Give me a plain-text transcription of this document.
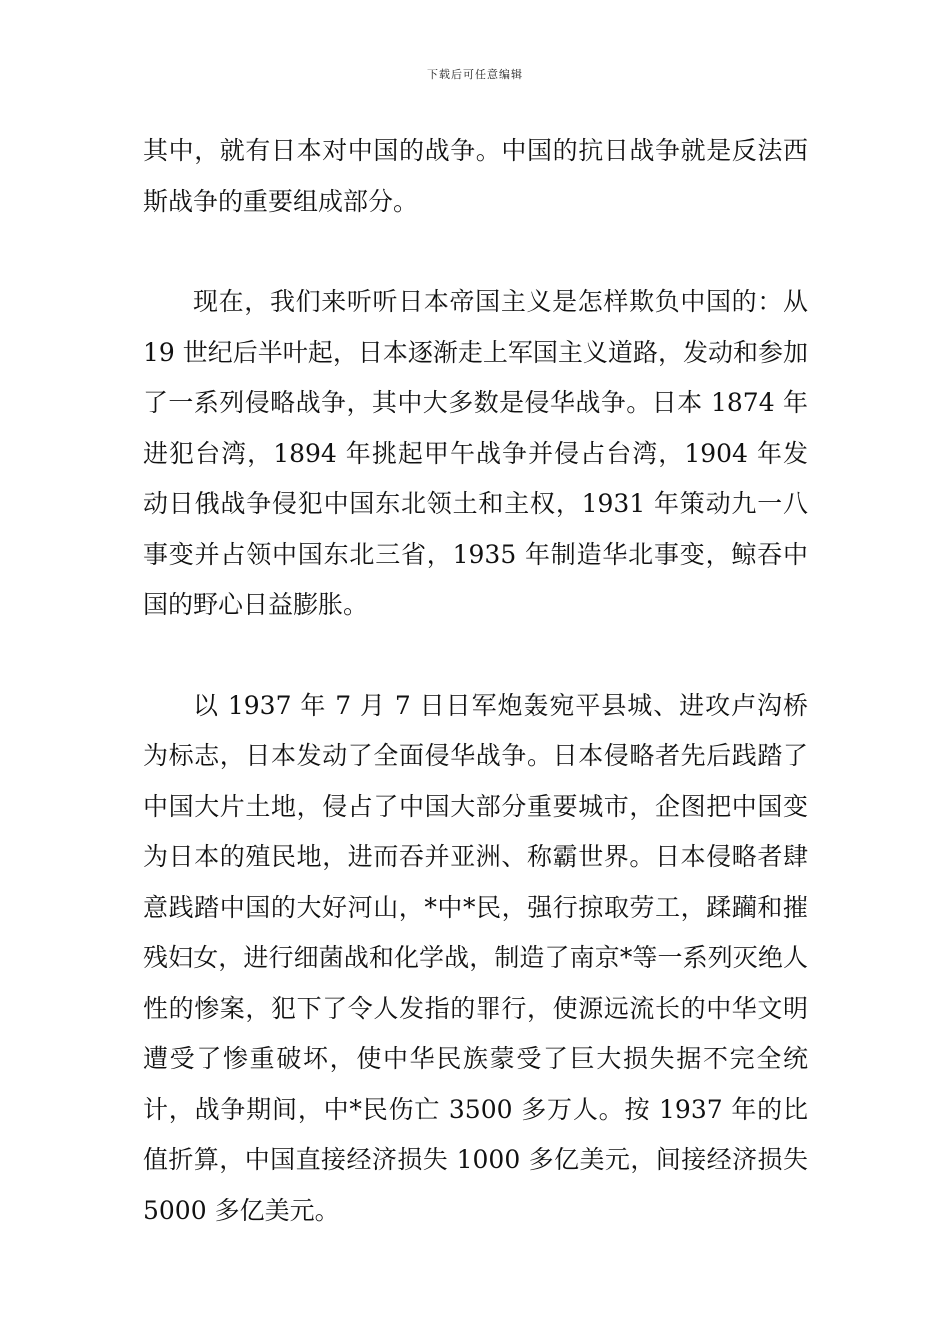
下载后可任意编辑

其中，就有日本对中国的战争。中国的抗日战争就是反法西斯战争的重要组成部分。

现在，我们来听听日本帝国主义是怎样欺负中国的：从 19 世纪后半叶起，日本逐渐走上军国主义道路，发动和参加了一系列侵略战争，其中大多数是侵华战争。日本 1874 年进犯台湾，1894 年挑起甲午战争并侵占台湾，1904 年发动日俄战争侵犯中国东北领土和主权，1931 年策动九一八事变并占领中国东北三省，1935 年制造华北事变，鲸吞中国的野心日益膨胀。

以 1937 年 7 月 7 日日军炮轰宛平县城、进攻卢沟桥为标志，日本发动了全面侵华战争。日本侵略者先后践踏了中国大片土地，侵占了中国大部分重要城市，企图把中国变为日本的殖民地，进而吞并亚洲、称霸世界。日本侵略者肆意践踏中国的大好河山，*中*民，强行掠取劳工，蹂躏和摧残妇女，进行细菌战和化学战，制造了南京*等一系列灭绝人性的惨案，犯下了令人发指的罪行，使源远流长的中华文明遭受了惨重破坏，使中华民族蒙受了巨大损失据不完全统计，战争期间，中*民伤亡 3500 多万人。按 1937 年的比值折算，中国直接经济损失 1000 多亿美元，间接经济损失 5000 多亿美元。
